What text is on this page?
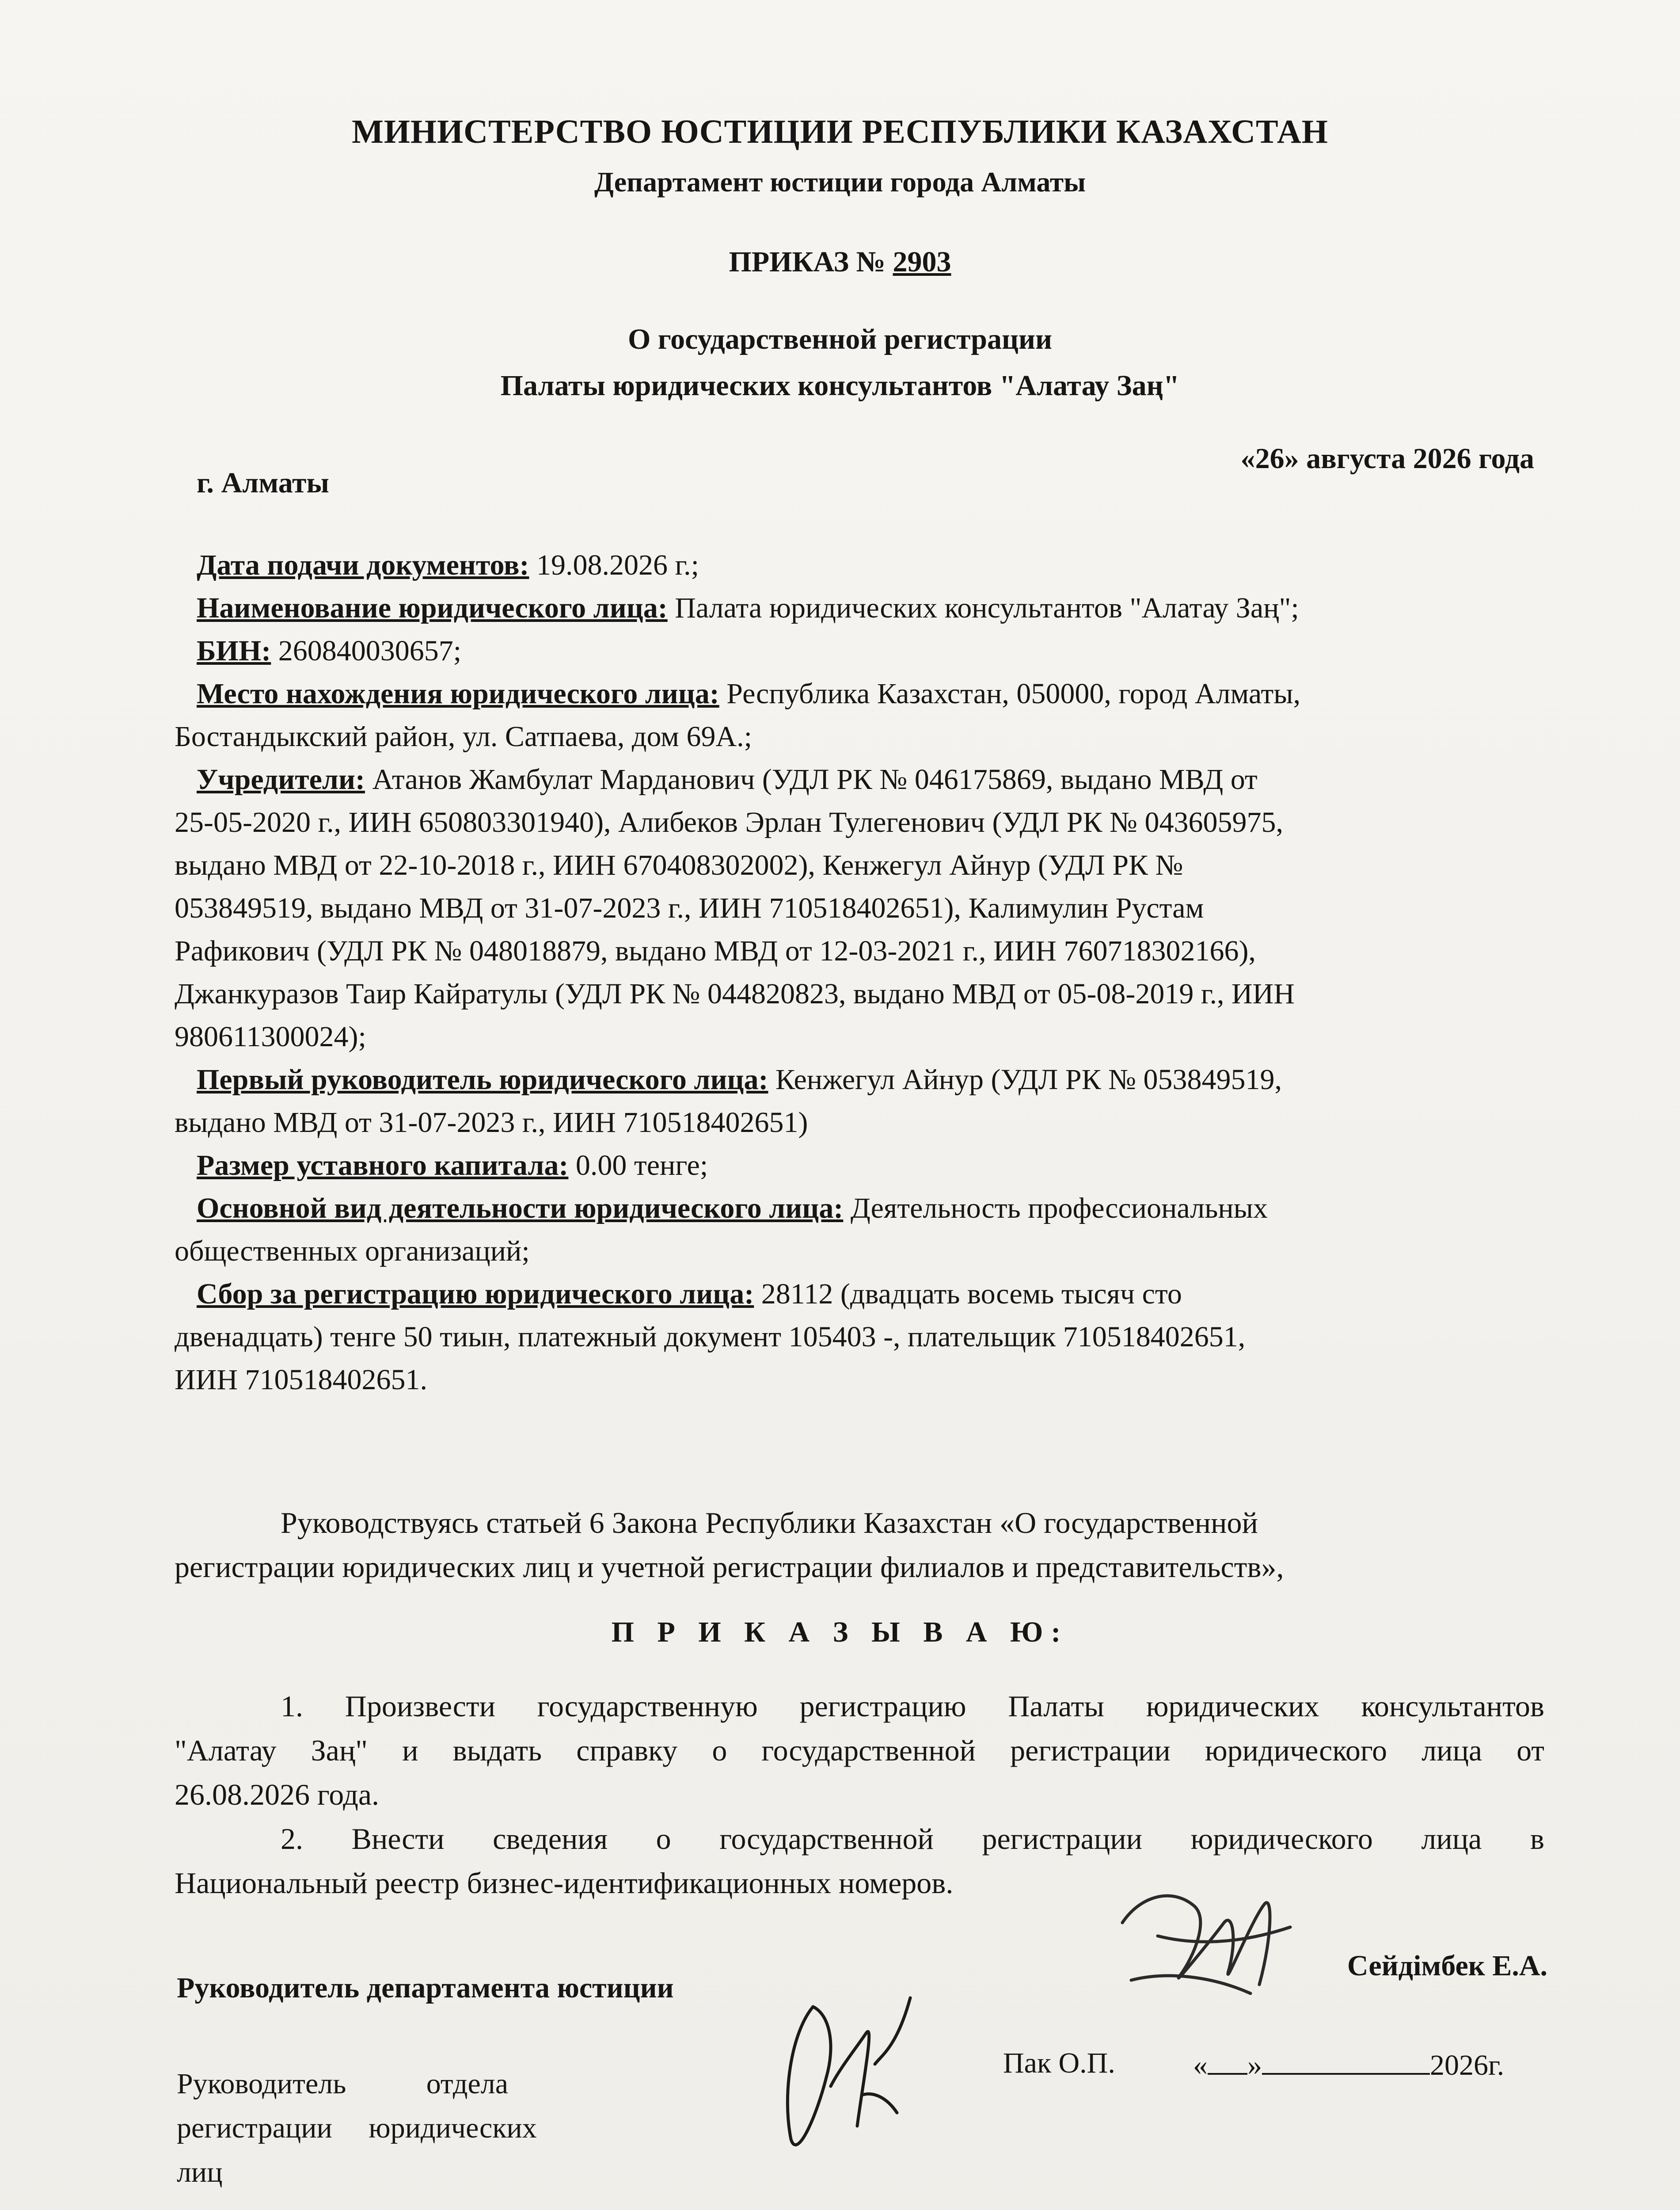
МИНИСТЕРСТВО ЮСТИЦИИ РЕСПУБЛИКИ КАЗАХСТАН
Департамент юстиции города Алматы
ПРИКАЗ № 2903
О государственной регистрации
Палаты юридических консультантов "Алатау Заң"
г. Алматы
«26» августа 2026 года
Дата подачи документов: 19.08.2026 г.;
Наименование юридического лица: Палата юридических консультантов "Алатау Заң";
БИН: 260840030657;
Место нахождения юридического лица: Республика Казахстан, 050000, город Алматы,
Бостандыкский район, ул. Сатпаева, дом 69А.;
Учредители: Атанов Жамбулат Марданович (УДЛ РК № 046175869, выдано МВД от
25-05-2020 г., ИИН 650803301940), Алибеков Эрлан Тулегенович (УДЛ РК № 043605975,
выдано МВД от 22-10-2018 г., ИИН 670408302002), Кенжегул Айнур (УДЛ РК №
053849519, выдано МВД от 31-07-2023 г., ИИН 710518402651), Калимулин Рустам
Рафикович (УДЛ РК № 048018879, выдано МВД от 12-03-2021 г., ИИН 760718302166),
Джанкуразов Таир Кайратулы (УДЛ РК № 044820823, выдано МВД от 05-08-2019 г., ИИН
980611300024);
Первый руководитель юридического лица: Кенжегул Айнур (УДЛ РК № 053849519,
выдано МВД от 31-07-2023 г., ИИН 710518402651)
Размер уставного капитала: 0.00 тенге;
Основной вид деятельности юридического лица: Деятельность профессиональных
общественных организаций;
Сбор за регистрацию юридического лица: 28112 (двадцать восемь тысяч сто
двенадцать) тенге 50 тиын, платежный документ 105403 -, плательщик 710518402651,
ИИН 710518402651.
Руководствуясь статьей 6 Закона Республики Казахстан «О государственной
регистрации юридических лиц и учетной регистрации филиалов и представительств»,
П Р И К А З Ы В А Ю:
1. Произвести государственную регистрацию Палаты юридических консультантов
"Алатау Заң" и выдать справку о государственной регистрации юридического лица от
26.08.2026 года.
2. Внести сведения о государственной регистрации юридического лица в
Национальный реестр бизнес-идентификационных номеров.
Руководитель департамента юстиции
Сейдімбек Е.А.
Руководитель           отдела
регистрации     юридических
лиц
Пак О.П.	« »	2026г.
